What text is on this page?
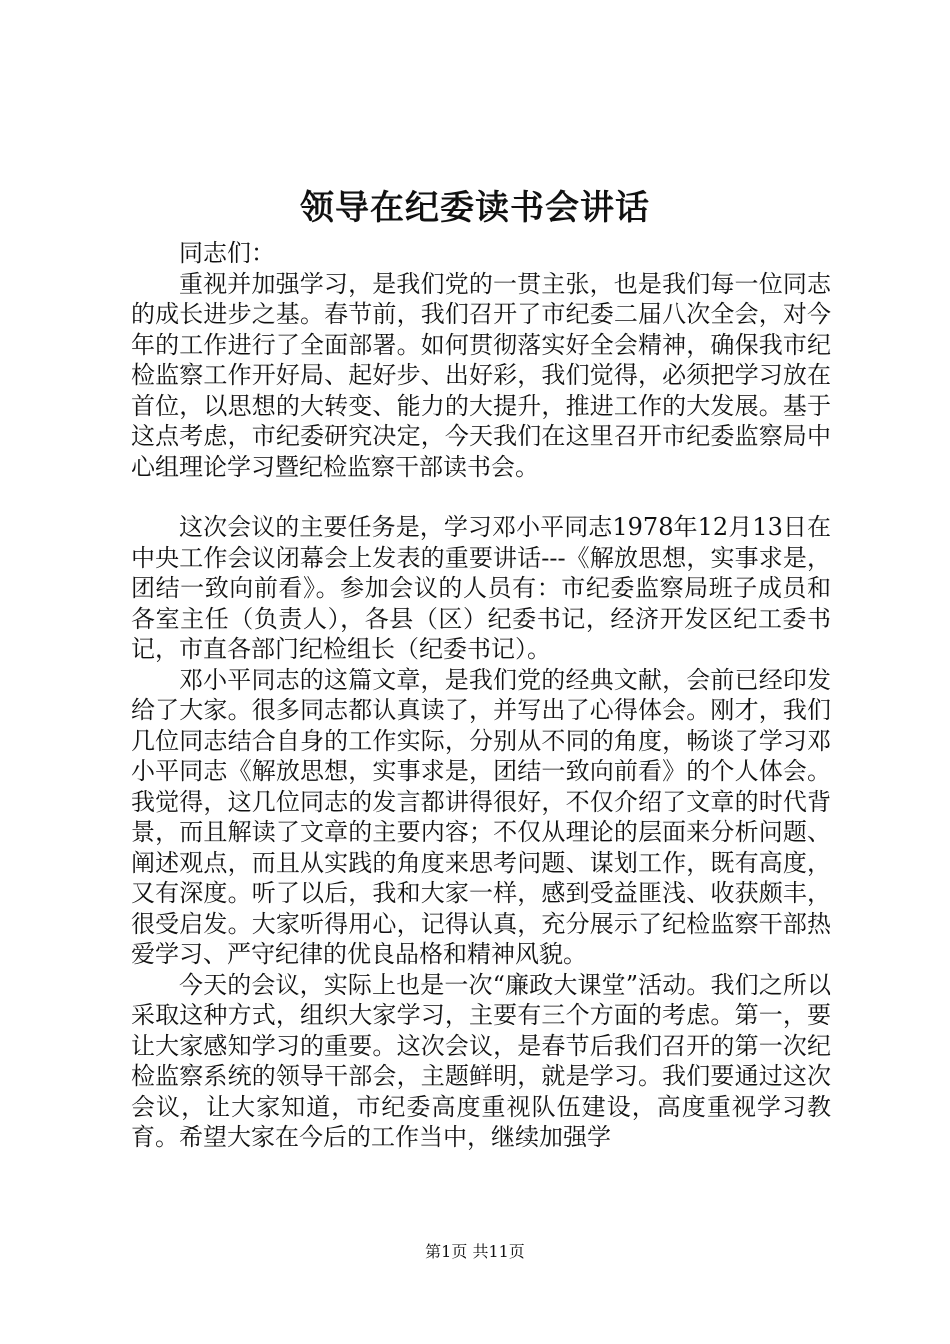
领导在纪委读书会讲话

同志们：

重视并加强学习，是我们党的一贯主张，也是我们每一位同志的成长进步之基。春节前，我们召开了市纪委二届八次全会，对今年的工作进行了全面部署。如何贯彻落实好全会精神，确保我市纪检监察工作开好局、起好步、出好彩，我们觉得，必须把学习放在首位，以思想的大转变、能力的大提升，推进工作的大发展。基于这点考虑，市纪委研究决定，今天我们在这里召开市纪委监察局中心组理论学习暨纪检监察干部读书会。

这次会议的主要任务是，学习邓小平同志1978年12月13日在中央工作会议闭幕会上发表的重要讲话---《解放思想，实事求是，团结一致向前看》。参加会议的人员有：市纪委监察局班子成员和各室主任（负责人），各县（区）纪委书记，经济开发区纪工委书记，市直各部门纪检组长（纪委书记）。

邓小平同志的这篇文章，是我们党的经典文献，会前已经印发给了大家。很多同志都认真读了，并写出了心得体会。刚才，我们几位同志结合自身的工作实际，分别从不同的角度，畅谈了学习邓小平同志《解放思想，实事求是，团结一致向前看》的个人体会。我觉得，这几位同志的发言都讲得很好，不仅介绍了文章的时代背景，而且解读了文章的主要内容；不仅从理论的层面来分析问题、阐述观点，而且从实践的角度来思考问题、谋划工作，既有高度，又有深度。听了以后，我和大家一样，感到受益匪浅、收获颇丰，很受启发。大家听得用心，记得认真，充分展示了纪检监察干部热爱学习、严守纪律的优良品格和精神风貌。

今天的会议，实际上也是一次“廉政大课堂”活动。我们之所以采取这种方式，组织大家学习，主要有三个方面的考虑。第一，要让大家感知学习的重要。这次会议，是春节后我们召开的第一次纪检监察系统的领导干部会，主题鲜明，就是学习。我们要通过这次会议，让大家知道，市纪委高度重视队伍建设，高度重视学习教育。希望大家在今后的工作当中，继续加强学

第1页 共11页
